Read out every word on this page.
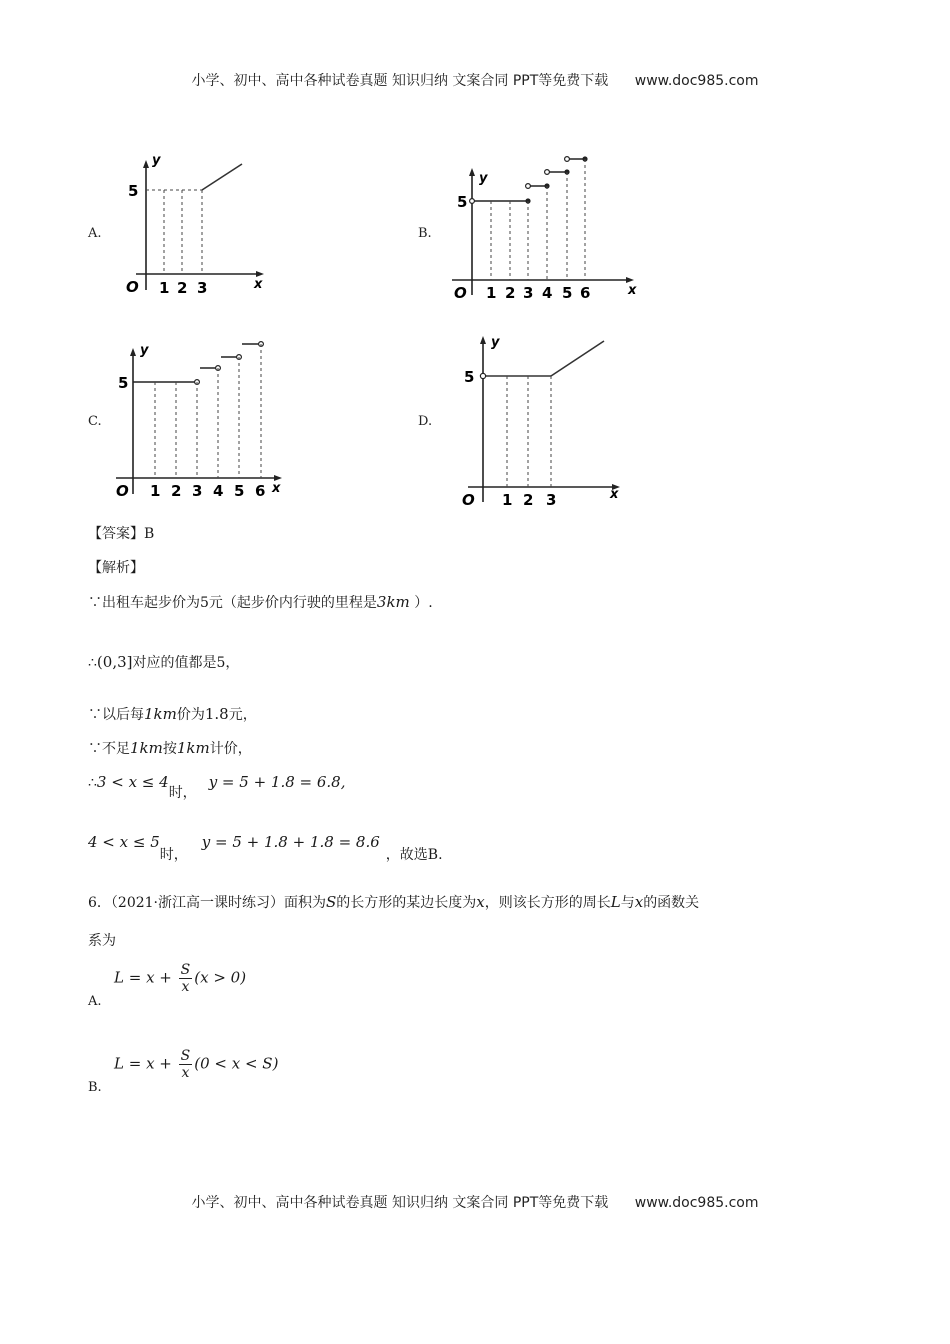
小学、初中、高中各种试卷真题 知识归纳 文案合同 PPT等免费下载 www.doc985.com
A.	B.
C.	D.
y
5
O 1 2 3	x
y
5
O 1 2 3 4 5 6	x
y
5
O 1 2 3 4 5 6 x
y
5
O 1 2 3	x
【答案】B
【解析】
∵出租车起步价为5元（起步价内行驶的里程是3km ）.
∴(0,3]对应的值都是5，
∵以后每1km价为1.8元，
∵不足1km按1km计价，
∴3 < x ≤ 4时，y = 5 + 1.8 = 6.8,
4 < x ≤ 5时，y = 5 + 1.8 + 1.8 = 8.6，故选B.
6．（2021·浙江高一课时练习）面积为S的长方形的某边长度为x，则该长方形的周长L与x的函数关
系为
A.
$L = x + \frac{S}{x} (x > 0)$
B.
$L = x + \frac{S}{x} (0 < x < S)$
小学、初中、高中各种试卷真题 知识归纳 文案合同 PPT等免费下载 www.doc985.com
